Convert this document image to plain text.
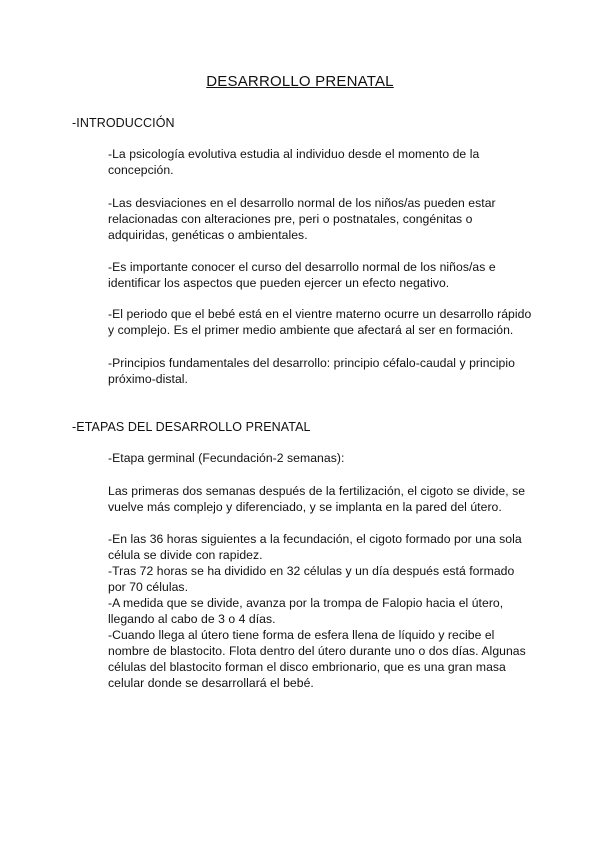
DESARROLLO PRENATAL
-INTRODUCCIÓN
-La psicología evolutiva estudia al individuo desde el momento de la
concepción.
-Las desviaciones en el desarrollo normal de los niños/as pueden estar
relacionadas con alteraciones pre, peri o postnatales, congénitas o
adquiridas, genéticas o ambientales.
-Es importante conocer el curso del desarrollo normal de los niños/as e
identificar los aspectos que pueden ejercer un efecto negativo.
-El periodo que el bebé está en el vientre materno ocurre un desarrollo rápido
y complejo. Es el primer medio ambiente que afectará al ser en formación.
-Principios fundamentales del desarrollo: principio céfalo-caudal y principio
próximo-distal.
-ETAPAS DEL DESARROLLO PRENATAL
-Etapa germinal (Fecundación-2 semanas):
Las primeras dos semanas después de la fertilización, el cigoto se divide, se
vuelve más complejo y diferenciado, y se implanta en la pared del útero.
-En las 36 horas siguientes a la fecundación, el cigoto formado por una sola
célula se divide con rapidez.
-Tras 72 horas se ha dividido en 32 células y un día después está formado
por 70 células.
-A medida que se divide, avanza por la trompa de Falopio hacia el útero,
llegando al cabo de 3 o 4 días.
-Cuando llega al útero tiene forma de esfera llena de líquido y recibe el
nombre de blastocito. Flota dentro del útero durante uno o dos días. Algunas
células del blastocito forman el disco embrionario, que es una gran masa
celular donde se desarrollará el bebé.
